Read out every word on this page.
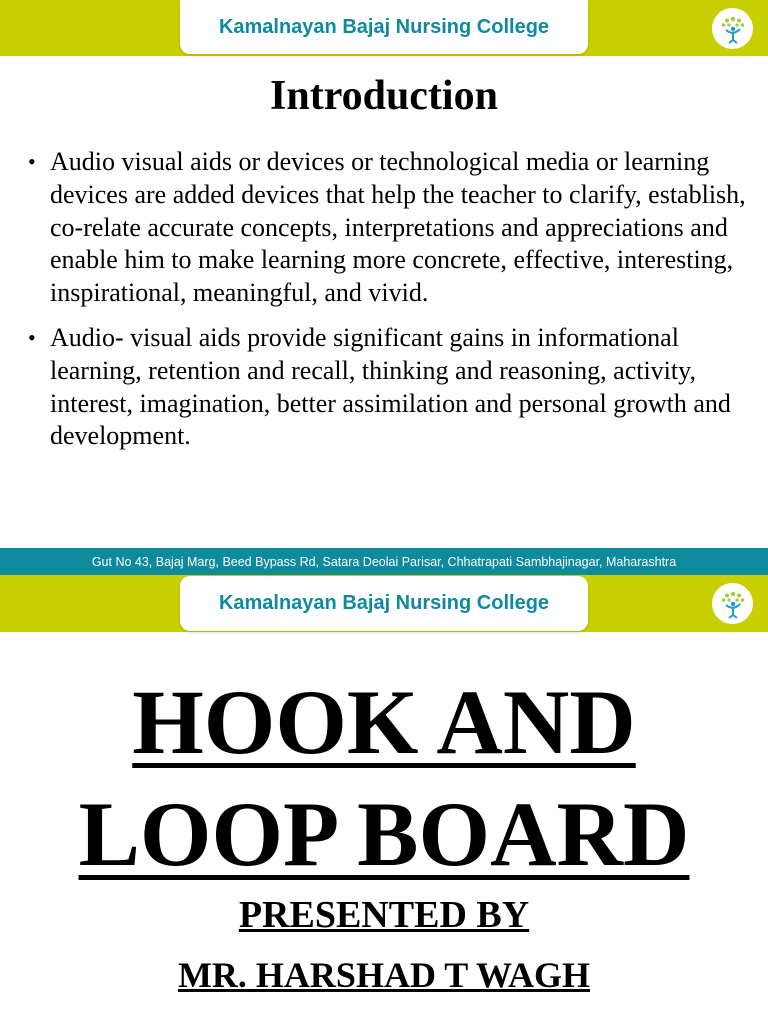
Kamalnayan Bajaj Nursing College
Introduction
• Audio visual aids or devices or technological media or learning devices are added devices that help the teacher to clarify, establish, co-relate accurate concepts, interpretations and appreciations and enable him to make learning more concrete, effective, interesting, inspirational, meaningful, and vivid.
• Audio- visual aids provide significant gains in informational learning, retention and recall, thinking and reasoning, activity, interest, imagination, better assimilation and personal growth and development.
Gut No 43, Bajaj Marg, Beed Bypass Rd, Satara Deolai Parisar, Chhatrapati Sambhajinagar, Maharashtra
Kamalnayan Bajaj Nursing College
HOOK AND
LOOP BOARD
PRESENTED BY
MR. HARSHAD T WAGH
